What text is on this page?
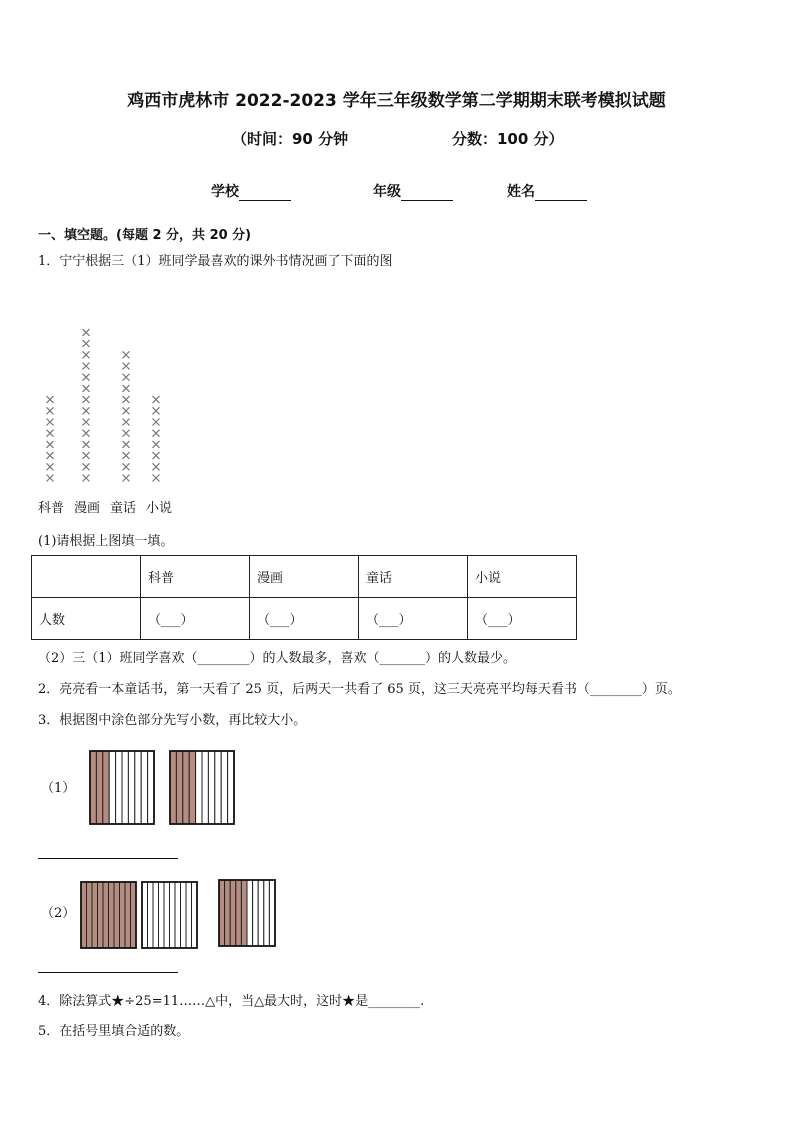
鸡西市虎林市 2022-2023 学年三年级数学第二学期期末联考模拟试题
（时间：90 分钟	分数：100 分）
学校	年级	姓名
一、填空题。(每题 2 分，共 20 分)
1．宁宁根据三（1）班同学最喜欢的课外书情况画了下面的图
科普 漫画 童话 小说
(1)请根据上图填一填。
	科普	漫画	童话	小说
人数	（___）	（___）	（___）	（___）
（2）三（1）班同学喜欢（________）的人数最多，喜欢（_______）的人数最少。
2．亮亮看一本童话书，第一天看了 25 页，后两天一共看了 65 页，这三天亮亮平均每天看书（________）页。
3．根据图中涂色部分先写小数，再比较大小。
（1）
（2）
4．除法算式★÷25=11……△中，当△最大时，这时★是________.
5．在括号里填合适的数。
